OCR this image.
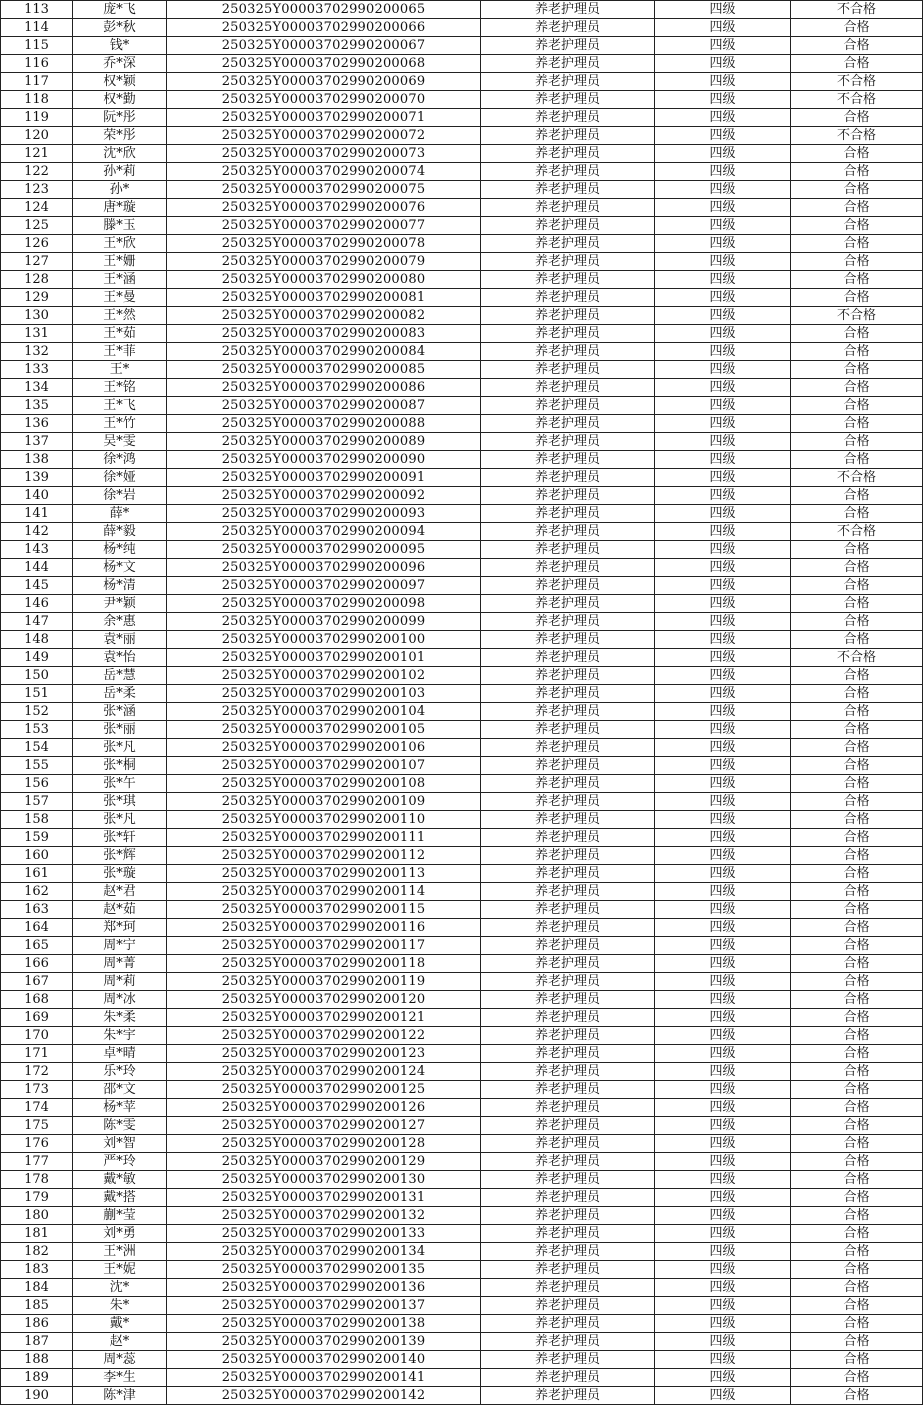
113	庞*飞	250325Y00003702990200065	养老护理员	四级	不合格
114	彭*秋	250325Y00003702990200066	养老护理员	四级	合格
115	钱*	250325Y00003702990200067	养老护理员	四级	合格
116	乔*深	250325Y00003702990200068	养老护理员	四级	合格
117	权*颖	250325Y00003702990200069	养老护理员	四级	不合格
118	权*勤	250325Y00003702990200070	养老护理员	四级	不合格
119	阮*彤	250325Y00003702990200071	养老护理员	四级	合格
120	荣*彤	250325Y00003702990200072	养老护理员	四级	不合格
121	沈*欣	250325Y00003702990200073	养老护理员	四级	合格
122	孙*莉	250325Y00003702990200074	养老护理员	四级	合格
123	孙*	250325Y00003702990200075	养老护理员	四级	合格
124	唐*璇	250325Y00003702990200076	养老护理员	四级	合格
125	滕*玉	250325Y00003702990200077	养老护理员	四级	合格
126	王*欣	250325Y00003702990200078	养老护理员	四级	合格
127	王*姗	250325Y00003702990200079	养老护理员	四级	合格
128	王*涵	250325Y00003702990200080	养老护理员	四级	合格
129	王*曼	250325Y00003702990200081	养老护理员	四级	合格
130	王*然	250325Y00003702990200082	养老护理员	四级	不合格
131	王*茹	250325Y00003702990200083	养老护理员	四级	合格
132	王*菲	250325Y00003702990200084	养老护理员	四级	合格
133	王*	250325Y00003702990200085	养老护理员	四级	合格
134	王*铭	250325Y00003702990200086	养老护理员	四级	合格
135	王*飞	250325Y00003702990200087	养老护理员	四级	合格
136	王*竹	250325Y00003702990200088	养老护理员	四级	合格
137	吴*雯	250325Y00003702990200089	养老护理员	四级	合格
138	徐*鸿	250325Y00003702990200090	养老护理员	四级	合格
139	徐*娅	250325Y00003702990200091	养老护理员	四级	不合格
140	徐*岩	250325Y00003702990200092	养老护理员	四级	合格
141	薛*	250325Y00003702990200093	养老护理员	四级	合格
142	薛*毅	250325Y00003702990200094	养老护理员	四级	不合格
143	杨*纯	250325Y00003702990200095	养老护理员	四级	合格
144	杨*文	250325Y00003702990200096	养老护理员	四级	合格
145	杨*清	250325Y00003702990200097	养老护理员	四级	合格
146	尹*颖	250325Y00003702990200098	养老护理员	四级	合格
147	余*惠	250325Y00003702990200099	养老护理员	四级	合格
148	袁*丽	250325Y00003702990200100	养老护理员	四级	合格
149	袁*怡	250325Y00003702990200101	养老护理员	四级	不合格
150	岳*慧	250325Y00003702990200102	养老护理员	四级	合格
151	岳*柔	250325Y00003702990200103	养老护理员	四级	合格
152	张*涵	250325Y00003702990200104	养老护理员	四级	合格
153	张*丽	250325Y00003702990200105	养老护理员	四级	合格
154	张*凡	250325Y00003702990200106	养老护理员	四级	合格
155	张*桐	250325Y00003702990200107	养老护理员	四级	合格
156	张*午	250325Y00003702990200108	养老护理员	四级	合格
157	张*琪	250325Y00003702990200109	养老护理员	四级	合格
158	张*凡	250325Y00003702990200110	养老护理员	四级	合格
159	张*轩	250325Y00003702990200111	养老护理员	四级	合格
160	张*辉	250325Y00003702990200112	养老护理员	四级	合格
161	张*璇	250325Y00003702990200113	养老护理员	四级	合格
162	赵*君	250325Y00003702990200114	养老护理员	四级	合格
163	赵*茹	250325Y00003702990200115	养老护理员	四级	合格
164	郑*珂	250325Y00003702990200116	养老护理员	四级	合格
165	周*宁	250325Y00003702990200117	养老护理员	四级	合格
166	周*菁	250325Y00003702990200118	养老护理员	四级	合格
167	周*莉	250325Y00003702990200119	养老护理员	四级	合格
168	周*冰	250325Y00003702990200120	养老护理员	四级	合格
169	朱*柔	250325Y00003702990200121	养老护理员	四级	合格
170	朱*宇	250325Y00003702990200122	养老护理员	四级	合格
171	卓*晴	250325Y00003702990200123	养老护理员	四级	合格
172	乐*玲	250325Y00003702990200124	养老护理员	四级	合格
173	邵*文	250325Y00003702990200125	养老护理员	四级	合格
174	杨*苹	250325Y00003702990200126	养老护理员	四级	合格
175	陈*雯	250325Y00003702990200127	养老护理员	四级	合格
176	刘*智	250325Y00003702990200128	养老护理员	四级	合格
177	严*玲	250325Y00003702990200129	养老护理员	四级	合格
178	戴*敏	250325Y00003702990200130	养老护理员	四级	合格
179	戴*搭	250325Y00003702990200131	养老护理员	四级	合格
180	蒯*莹	250325Y00003702990200132	养老护理员	四级	合格
181	刘*勇	250325Y00003702990200133	养老护理员	四级	合格
182	王*洲	250325Y00003702990200134	养老护理员	四级	合格
183	王*妮	250325Y00003702990200135	养老护理员	四级	合格
184	沈*	250325Y00003702990200136	养老护理员	四级	合格
185	朱*	250325Y00003702990200137	养老护理员	四级	合格
186	戴*	250325Y00003702990200138	养老护理员	四级	合格
187	赵*	250325Y00003702990200139	养老护理员	四级	合格
188	周*蕊	250325Y00003702990200140	养老护理员	四级	合格
189	李*生	250325Y00003702990200141	养老护理员	四级	合格
190	陈*津	250325Y00003702990200142	养老护理员	四级	合格
